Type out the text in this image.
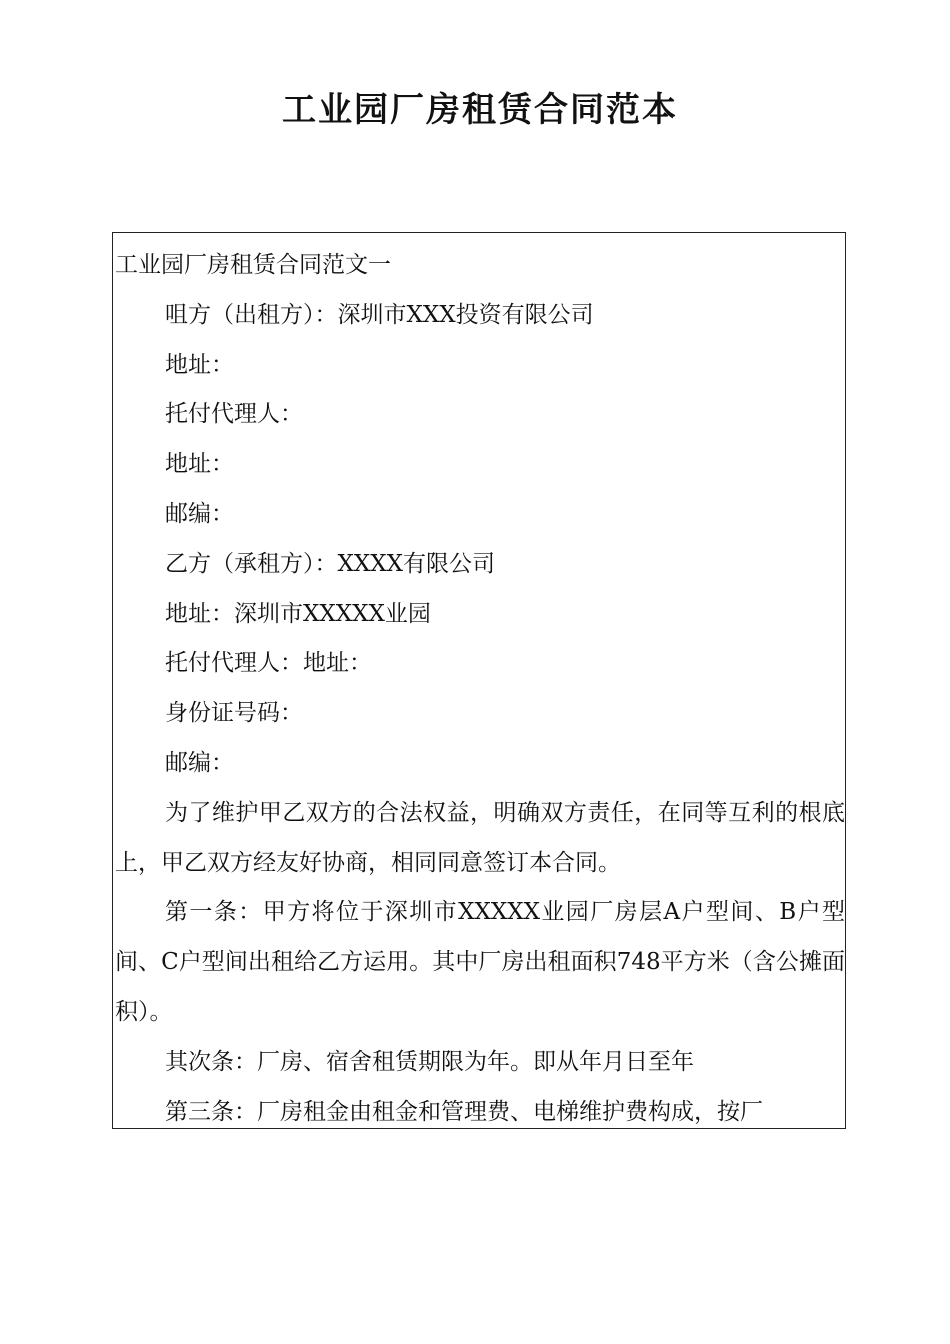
工业园厂房租赁合同范本

工业园厂房租赁合同范文一

咀方（出租方）：深圳市XXX投资有限公司

地址：

托付代理人：

地址：

邮编：

乙方（承租方）：XXXX有限公司

地址：深圳市XXXXX业园

托付代理人：地址：

身份证号码：

邮编：

为了维护甲乙双方的合法权益，明确双方责任，在同等互利的根底上，甲乙双方经友好协商，相同同意签订本合同。

第一条：甲方将位于深圳市XXXXX业园厂房层A户型间、B户型间、C户型间出租给乙方运用。其中厂房出租面积748平方米（含公摊面积）。

其次条：厂房、宿舍租赁期限为年。即从年月日至年

第三条：厂房租金由租金和管理费、电梯维护费构成，按厂
